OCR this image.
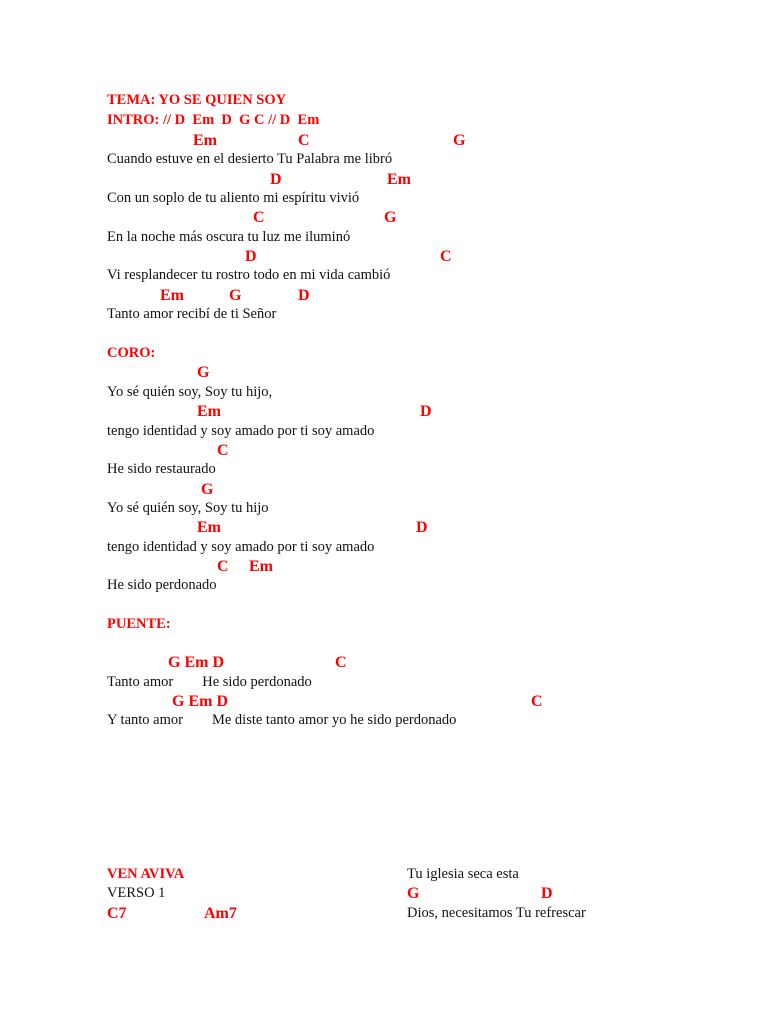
TEMA: YO SE QUIEN SOY
INTRO: // D  Em  D  G C // D  Em
Em	C	G
Cuando estuve en el desierto Tu Palabra me libró
D	Em
Con un soplo de tu aliento mi espíritu vivió
C	G
En la noche más oscura tu luz me iluminó
D	C
Vi resplandecer tu rostro todo en mi vida cambió
Em	G	D
Tanto amor recibí de ti Señor
CORO:
G
Yo sé quién soy, Soy tu hijo,
Em	D
tengo identidad y soy amado por ti soy amado
C
He sido restaurado
G
Yo sé quién soy, Soy tu hijo
Em	D
tengo identidad y soy amado por ti soy amado
C Em
He sido perdonado
PUENTE:
G Em D	C
Tanto amor        He sido perdonado
G Em D	C
Y tanto amor        Me diste tanto amor yo he sido perdonado
VEN AVIVA
VERSO 1
C7	Am7
Tu iglesia seca esta
G	D
Dios, necesitamos Tu refrescar
